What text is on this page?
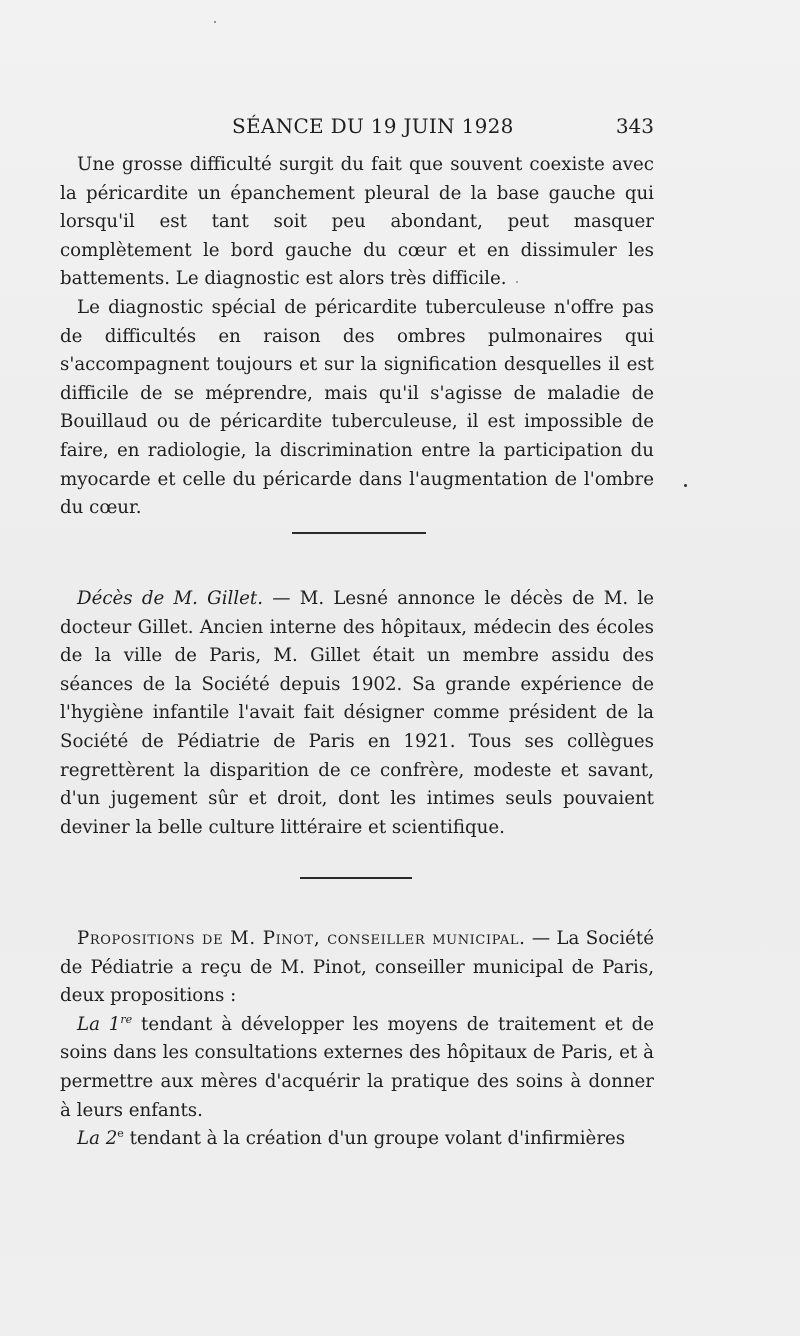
SÉANCE DU 19 JUIN 1928	343

Une grosse difficulté surgit du fait que souvent coexiste avec la péricardite un épanchement pleural de la base gauche qui lorsqu'il est tant soit peu abondant, peut masquer complètement le bord gauche du cœur et en dissimuler les battements. Le diagnostic est alors très difficile.

Le diagnostic spécial de péricardite tuberculeuse n'offre pas de difficultés en raison des ombres pulmonaires qui s'accompagnent toujours et sur la signification desquelles il est difficile de se méprendre, mais qu'il s'agisse de maladie de Bouillaud ou de péricardite tuberculeuse, il est impossible de faire, en radiologie, la discrimination entre la participation du myocarde et celle du péricarde dans l'augmentation de l'ombre du cœur.

Décès de M. Gillet. — M. Lesné annonce le décès de M. le docteur Gillet. Ancien interne des hôpitaux, médecin des écoles de la ville de Paris, M. Gillet était un membre assidu des séances de la Société depuis 1902. Sa grande expérience de l'hygiène infantile l'avait fait désigner comme président de la Société de Pédiatrie de Paris en 1921. Tous ses collègues regrettèrent la disparition de ce confrère, modeste et savant, d'un jugement sûr et droit, dont les intimes seuls pouvaient deviner la belle culture littéraire et scientifique.

Propositions de M. Pinot, conseiller municipal. — La Société de Pédiatrie a reçu de M. Pinot, conseiller municipal de Paris, deux propositions :

La 1re tendant à développer les moyens de traitement et de soins dans les consultations externes des hôpitaux de Paris, et à permettre aux mères d'acquérir la pratique des soins à donner à leurs enfants.

La 2e tendant à la création d'un groupe volant d'infirmières
